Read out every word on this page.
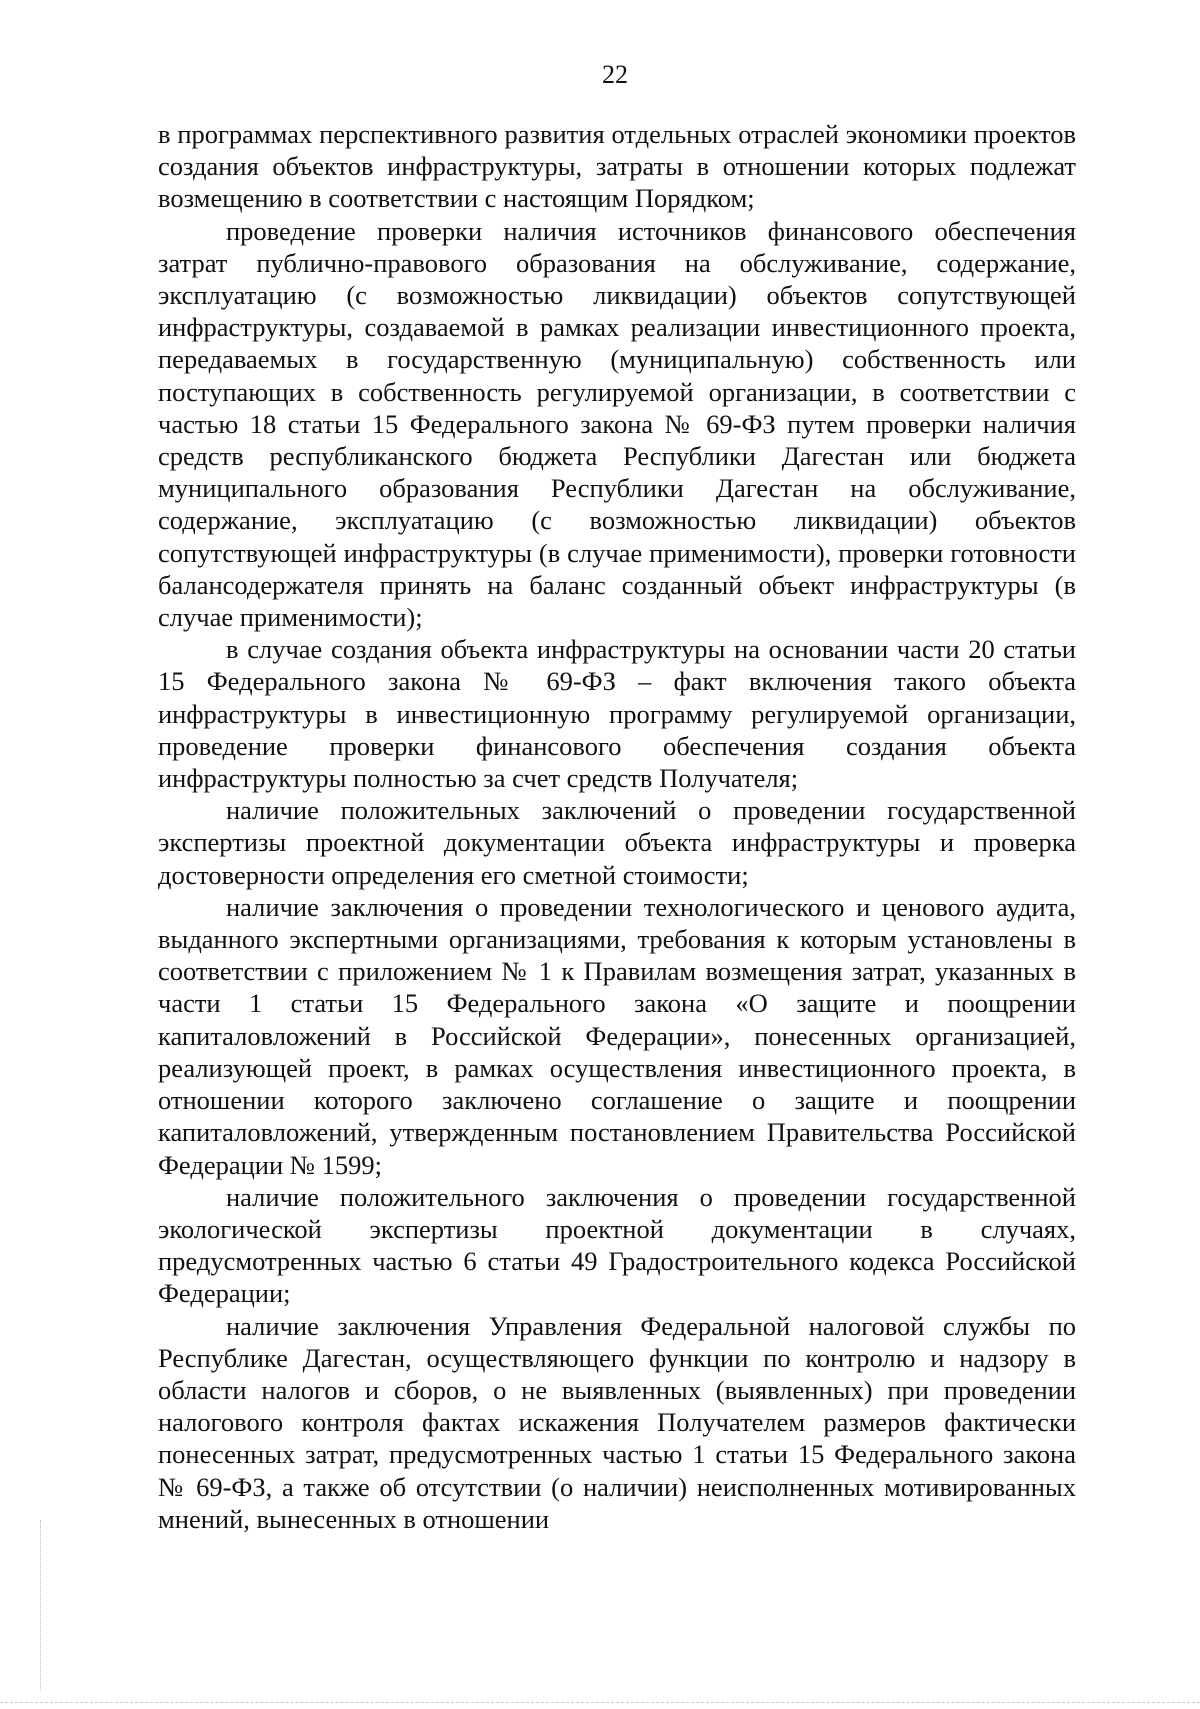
22

в программах перспективного развития отдельных отраслей экономики проектов создания объектов инфраструктуры, затраты в отношении которых подлежат возмещению в соответствии с настоящим Порядком;

проведение проверки наличия источников финансового обеспечения затрат публично-правового образования на обслуживание, содержание, эксплуатацию (с возможностью ликвидации) объектов сопутствующей инфраструктуры, создаваемой в рамках реализации инвестиционного проекта, передаваемых в государственную (муниципальную) собственность или поступающих в собственность регулируемой организации, в соответствии с частью 18 статьи 15 Федерального закона № 69-ФЗ путем проверки наличия средств республиканского бюджета Республики Дагестан или бюджета муниципального образования Республики Дагестан на обслуживание, содержание, эксплуатацию (с возможностью ликвидации) объектов сопутствующей инфраструктуры (в случае применимости), проверки готовности балансодержателя принять на баланс созданный объект инфраструктуры (в случае применимости);

в случае создания объекта инфраструктуры на основании части 20 статьи 15 Федерального закона № 69-ФЗ – факт включения такого объекта инфраструктуры в инвестиционную программу регулируемой организации, проведение проверки финансового обеспечения создания объекта инфраструктуры полностью за счет средств Получателя;

наличие положительных заключений о проведении государственной экспертизы проектной документации объекта инфраструктуры и проверка достоверности определения его сметной стоимости;

наличие заключения о проведении технологического и ценового аудита, выданного экспертными организациями, требования к которым установлены в соответствии с приложением № 1 к Правилам возмещения затрат, указанных в части 1 статьи 15 Федерального закона «О защите и поощрении капиталовложений в Российской Федерации», понесенных организацией, реализующей проект, в рамках осуществления инвестиционного проекта, в отношении которого заключено соглашение о защите и поощрении капиталовложений, утвержденным постановлением Правительства Российской Федерации № 1599;

наличие положительного заключения о проведении государственной экологической экспертизы проектной документации в случаях, предусмотренных частью 6 статьи 49 Градостроительного кодекса Российской Федерации;

наличие заключения Управления Федеральной налоговой службы по Республике Дагестан, осуществляющего функции по контролю и надзору в области налогов и сборов, о не выявленных (выявленных) при проведении налогового контроля фактах искажения Получателем размеров фактически понесенных затрат, предусмотренных частью 1 статьи 15 Федерального закона № 69-ФЗ, а также об отсутствии (о наличии) неисполненных мотивированных мнений, вынесенных в отношении
